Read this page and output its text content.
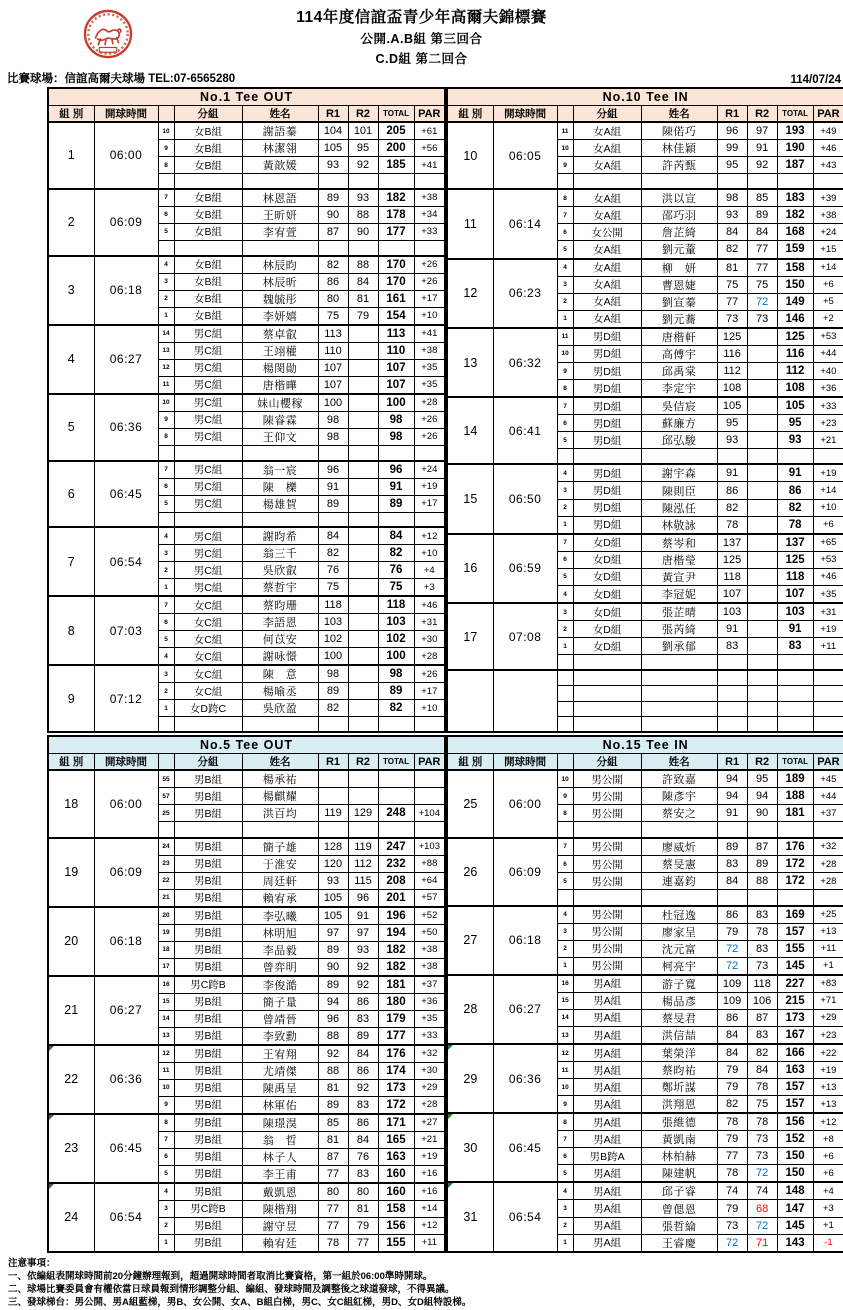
114年度信誼盃青少年高爾夫錦標賽
公開.A.B組 第三回合
C.D組 第二回合
比賽球場：信誼高爾夫球場 TEL:07-6565280	114/07/24
No.1 Tee OUT								
組 別	開球時間		分組	姓名	R1	R2	TOTAL	PAR
1	06:00	10	女B組	謝語蓁	104	101	205	+61
		9	女B組	林潔翎	105	95	200	+56
		8	女B組	黃歆媛	93	92	185	+41

2	06:09	7	女B組	林恩語	89	93	182	+38
		6	女B組	王昕妍	90	88	178	+34
		5	女B組	李宥萱	87	90	177	+33

3	06:18	4	女B組	林辰昀	82	88	170	+26
		3	女B組	林辰昕	86	84	170	+26
		2	女B組	魏毓彤	80	81	161	+17
		1	女B組	李妍嬉	75	79	154	+10
4	06:27	14	男C組	蔡卓叡	113		113	+41
		13	男C組	王翊權	110		110	+38
		12	男C組	楊閔勛	107		107	+35
		11	男C組	唐楷曄	107		107	+35
5	06:36	10	男C組	妹山櫻稼	100		100	+28
		9	男C組	陳睿霖	98		98	+26
		8	男C組	王仰文	98		98	+26

6	06:45	7	男C組	翁一宸	96		96	+24
		6	男C組	陳　櫟	91		91	+19
		5	男C組	楊雄賀	89		89	+17

7	06:54	4	男C組	謝昀希	84		84	+12
		3	男C組	翁三千	82		82	+10
		2	男C組	吳欣叡	76		76	+4
		1	男C組	蔡哲宇	75		75	+3
8	07:03	7	女C組	蔡昀珊	118		118	+46
		6	女C組	李語恩	103		103	+31
		5	女C組	何苡安	102		102	+30
		4	女C組	謝咏憬	100		100	+28
9	07:12	3	女C組	陳　意	98		98	+26
		2	女C組	楊喻丞	89		89	+17
		1	女D跨C	吳欣盈	82		82	+10

No.10 Tee IN								
組 別	開球時間		分組	姓名	R1	R2	TOTAL	PAR
10	06:05	11	女A組	陳偌巧	96	97	193	+49
		10	女A組	林佳穎	99	91	190	+46
		9	女A組	許芮甄	95	92	187	+43

11	06:14	8	女A組	洪以宣	98	85	183	+39
		7	女A組	邵巧羽	93	89	182	+38
		6	女公開	詹芷綺	84	84	168	+24
		5	女A組	劉元蕫	82	77	159	+15
12	06:23	4	女A組	柳　妍	81	77	158	+14
		3	女A組	曹恩婕	75	75	150	+6
		2	女A組	劉宣蓁	77	72	149	+5
		1	女A組	劉元蕎	73	73	146	+2
13	06:32	11	男D組	唐楷軒	125		125	+53
		10	男D組	高傅宇	116		116	+44
		9	男D組	邱禹棠	112		112	+40
		8	男D組	李定宇	108		108	+36
14	06:41	7	男D組	吳佶宸	105		105	+33
		6	男D組	蘇廉方	95		95	+23
		5	男D組	邱弘駿	93		93	+21

15	06:50	4	男D組	謝宇森	91		91	+19
		3	男D組	陳則臣	86		86	+14
		2	男D組	陳泓任	82		82	+10
		1	男D組	林敬詠	78		78	+6
16	06:59	7	女D組	蔡岑和	137		137	+65
		6	女D組	唐楷瑩	125		125	+53
		5	女D組	黃宣尹	118		118	+46
		4	女D組	李冠妮	107		107	+35
17	07:08	3	女D組	張芷晴	103		103	+31
		2	女D組	張芮綺	91		91	+19
		1	女D組	劉承郁	83		83	+11

No.5 Tee OUT								
組 別	開球時間		分組	姓名	R1	R2	TOTAL	PAR
18	06:00	55	男B組	楊承祐				
		57	男B組	楊麒耀				
		25	男B組	洪百均	119	129	248	+104

19	06:09	24	男B組	簡子雄	128	119	247	+103
		23	男B組	于淮安	120	112	232	+88
		22	男B組	周廷軒	93	115	208	+64
		21	男B組	賴宥承	105	96	201	+57
20	06:18	20	男B組	李弘曦	105	91	196	+52
		19	男B組	林明旭	97	97	194	+50
		18	男B組	李品毅	89	93	182	+38
		17	男B組	曾弈明	90	92	182	+38
21	06:27	16	男C跨B	李俊澔	89	92	181	+37
		15	男B組	簡子量	94	86	180	+36
		14	男B組	曾靖晉	96	83	179	+35
		13	男B組	李致勳	88	89	177	+33
22	06:36	12	男B組	王宥翔	92	84	176	+32
		11	男B組	尤靖傑	88	86	174	+30
		10	男B組	陳禹呈	81	92	173	+29
		9	男B組	林軍佑	89	83	172	+28
23	06:45	8	男B組	陳璟淏	85	86	171	+27
		7	男B組	翁　晢	81	84	165	+21
		6	男B組	林子人	87	76	163	+19
		5	男B組	李王甫	77	83	160	+16
24	06:54	4	男B組	戴凱恩	80	80	160	+16
		3	男C跨B	陳楷翔	77	81	158	+14
		2	男B組	謝守昱	77	79	156	+12
		1	男B組	賴宥廷	78	77	155	+11
No.15 Tee IN								
組 別	開球時間		分組	姓名	R1	R2	TOTAL	PAR
25	06:00	10	男公開	許致嘉	94	95	189	+45
		9	男公開	陳彥宇	94	94	188	+44
		8	男公開	蔡安之	91	90	181	+37

26	06:09	7	男公開	廖威炘	89	87	176	+32
		6	男公開	蔡旻憲	83	89	172	+28
		5	男公開	連嘉鈞	84	88	172	+28

27	06:18	4	男公開	杜冠逸	86	83	169	+25
		3	男公開	廖家呈	79	78	157	+13
		2	男公開	沈元富	72	83	155	+11
		1	男公開	柯亮宇	72	73	145	+1
28	06:27	16	男A組	游子寬	109	118	227	+83
		15	男A組	楊品彥	109	106	215	+71
		14	男A組	蔡旻君	86	87	173	+29
		13	男A組	洪信喆	84	83	167	+23
29	06:36	12	男A組	葉榮洋	84	82	166	+22
		11	男A組	蔡昀祐	79	84	163	+19
		10	男A組	鄭圻謀	79	78	157	+13
		9	男A組	洪翔恩	82	75	157	+13
30	06:45	8	男A組	張維德	78	78	156	+12
		7	男A組	黃凱南	79	73	152	+8
		6	男B跨A	林柏赫	77	73	150	+6
		5	男A組	陳建帆	78	72	150	+6
31	06:54	4	男A組	邱子睿	74	74	148	+4
		3	男A組	曾偲恩	79	68	147	+3
		2	男A組	張哲綸	73	72	145	+1
		1	男A組	王睿慶	72	71	143	-1
注意事項：
一、依編組表開球時間前20分鐘辦理報到，超過開球時間者取消比賽資格，第一組於06:00準時開球。
二、球場比賽委員會有權依當日球員報到情形調整分組、編組、發球時間及調整後之球道發球，不得異議。
三、發球梯台：男公開、男A組藍梯，男B、女公開、女A、B組白梯，男C、女C組紅梯，男D、女D組特設梯。
